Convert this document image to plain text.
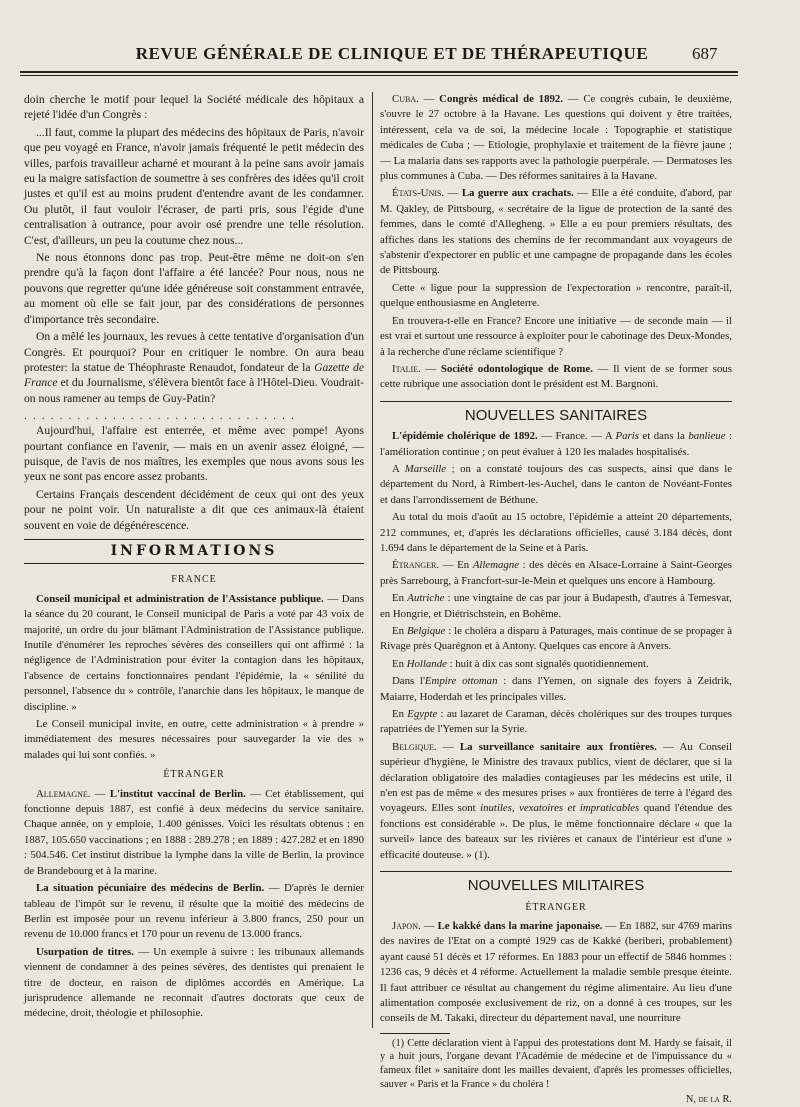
REVUE GÉNÉRALE DE CLINIQUE ET DE THÉRAPEUTIQUE	687

doin cherche le motif pour lequel la Société médicale des hôpitaux a rejeté l'idée d'un Congrès :

...Il faut, comme la plupart des médecins des hôpitaux de Paris, n'avoir que peu voyagé en France, n'avoir jamais fréquenté le petit médecin des villes, parfois travailleur acharné et mourant à la peine sans avoir jamais eu la maigre satisfaction de soumettre à ses confrères des idées qu'il croit justes et qu'il est au moins prudent d'entendre avant de les condamner. Ou plutôt, il faut vouloir l'écraser, de parti pris, sous l'égide d'une centralisation à outrance, pour avoir osé prendre une telle résolution. C'est, d'ailleurs, un peu la coutume chez nous...

Ne nous étonnons donc pas trop. Peut-être même ne doit-on s'en prendre qu'à la façon dont l'affaire a été lancée? Pour nous, nous ne pouvons que regretter qu'une idée généreuse soit constamment entravée, au moment où elle se fait jour, par des considérations de personnes d'importance très secondaire.

On a mêlé les journaux, les revues à cette tentative d'organisation d'un Congrès. Et pourquoi? Pour en critiquer le nombre. On aura beau protester: la statue de Théophraste Renaudot, fondateur de la Gazette de France et du Journalisme, s'élèvera bientôt face à l'Hôtel-Dieu. Voudrait-on nous ramener au temps de Guy-Patin?

...............................

Aujourd'hui, l'affaire est enterrée, et même avec pompe! Ayons pourtant confiance en l'avenir, — mais en un avenir assez éloigné, — puisque, de l'avis de nos maîtres, les exemples que nous avons sous les yeux ne sont pas encore assez probants.

Certains Français descendent décidément de ceux qui ont des yeux pour ne point voir. Un naturaliste a dit que ces animaux-là étaient souvent en voie de dégénérescence.

INFORMATIONS
FRANCE

Conseil municipal et administration de l'Assistance publique. — Dans la séance du 20 courant, le Conseil municipal de Paris a voté par 43 voix de majorité, un ordre du jour blâmant l'Administration de l'Assistance publique. Inutile d'énumérer les reproches sévères des conseillers qui ont affirmé : la négligence de l'Administration pour éviter la contagion dans les hôpitaux, l'absence de certains fonctionnaires pendant l'épidémie, la « sénilité du personnel, l'absence du » contrôle, l'anarchie dans les hôpitaux, le manque de discipline. »

Le Conseil municipal invite, en outre, cette administration « à prendre » immédiatement des mesures nécessaires pour sauvegarder la vie des » malades qui lui sont confiés. »

ÉTRANGER

Allemagne. — L'institut vaccinal de Berlin. — Cet établissement, qui fonctionne depuis 1887, est confié à deux médecins du service sanitaire. Chaque année, on y emploie, 1.400 génisses. Voici les résultats obtenus : en 1887, 105.650 vaccinations ; en 1888 : 289.278 ; en 1889 : 427.282 et en 1890 : 504.546. Cet institut distribue la lymphe dans la ville de Berlin, la province de Brandebourg et à la marine.

La situation pécuniaire des médecins de Berlin. — D'après le dernier tableau de l'impôt sur le revenu, il résulte que la moitié des médecins de Berlin est imposée pour un revenu inférieur à 3.800 francs, 250 pour un revenu de 10.000 francs et 170 pour un revenu de 13.000 francs.

Usurpation de titres. — Un exemple à suivre : les tribunaux allemands viennent de condamner à des peines sévères, des dentistes qui prenaient le titre de docteur, en raison de diplômes accordés en Amérique. La jurisprudence allemande ne reconnait d'autres doctorats que ceux de médecine, droit, théologie et philosophie.

Cuba. — Congrès médical de 1892. — Ce congrès cubain, le deuxième, s'ouvre le 27 octobre à la Havane. Les questions qui doivent y être traitées, intéressent, cela va de soi, la médecine locale : Topographie et statistique médicales de Cuba ; — Etiologie, prophylaxie et traitement de la fièvre jaune ; — La malaria dans ses rapports avec la pathologie puerpérale. — Dermatoses les plus communes à Cuba. — Des réformes sanitaires à la Havane.

États-Unis. — La guerre aux crachats. — Elle a été conduite, d'abord, par M. Qakley, de Pittsbourg, « secrétaire de la ligue de protection de la santé des femmes, dans le comté d'Allegheng. » Elle a eu pour premiers résultats, des affiches dans les stations des chemins de fer recommandant aux voyageurs de s'abstenir d'expectorer en public et une campagne de propagande dans les écoles de Pittsbourg.

Cette « ligue pour la suppression de l'expectoration » rencontre, paraît-il, quelque enthousiasme en Angleterre.

En trouvera-t-elle en France? Encore une initiative — de seconde main — il est vrai et surtout une ressource à exploiter pour le cabotinage des Deux-Mondes, à la recherche d'une réclame scientifique ?

Italie. — Société odontologique de Rome. — Il vient de se former sous cette rubrique une association dont le président est M. Bargnoni.

NOUVELLES SANITAIRES

L'épidémie cholérique de 1892. — France. — A Paris et dans la banlieue : l'amélioration continue ; on peut évaluer à 120 les malades hospitalisés.

A Marseille ; on a constaté toujours des cas suspects, ainsi que dans le département du Nord, à Rimbert-les-Auchel, dans le canton de Novéant-Fontes et dans l'arrondissement de Béthune.

Au total du mois d'août au 15 octobre, l'épidémie a atteint 20 départements, 212 communes, et, d'après les déclarations officielles, causé 3.184 décès, dont 1.694 dans le département de la Seine et à Paris.

Étranger. — En Allemagne : des décès en Alsace-Lorraine à Saint-Georges près Sarrebourg, à Francfort-sur-le-Mein et quelques uns encore à Hambourg.

En Autriche : une vingtaine de cas par jour à Budapesth, d'autres à Temesvar, en Hongrie, et Diétrischstein, en Bohême.

En Belgique : le choléra a disparu à Paturages, mais continue de se propager à Rivage près Quarégnon et à Antony. Quelques cas encore à Anvers.

En Hollande : huit à dix cas sont signalés quotidiennement.

Dans l'Empire ottoman : dans l'Yemen, on signale des foyers à Zeidrik, Maiarre, Hoderdah et les principales villes.

En Egypte : au lazaret de Caraman, décès cholériques sur des troupes turques rapatriées de l'Yemen sur la Syrie.

Belgique. — La surveillance sanitaire aux frontières. — Au Conseil supérieur d'hygiène, le Ministre des travaux publics, vient de déclarer, que si la déclaration obligatoire des maladies contagieuses par les médecins est utile, il n'en est pas de même « des mesures prises » aux frontières de terre à l'égard des voyageurs. Elles sont inutiles, vexatoires et impraticables quand l'étendue des fonctions est considérable ». De plus, le même fonctionnaire déclare « que la surveil» lance des bateaux sur les rivières et canaux de l'intérieur est d'une » efficacité douteuse. » (1).

NOUVELLES MILITAIRES
ÉTRANGER

Japon. — Le kakké dans la marine japonaise. — En 1882, sur 4769 marins des navires de l'Etat on a compté 1929 cas de Kakké (beriberi, probablement) ayant causé 51 décès et 17 réformes. En 1883 pour un effectif de 5846 hommes : 1236 cas, 9 décès et 4 réforme. Actuellement la maladie semble presque éteinte. Il faut attribuer ce résultat au changement du régime alimentaire. Au lieu d'une alimentation composée exclusivement de riz, on a donné à ces troupes, sur les conseils de M. Takaki, directeur du département naval, une nourriture

(1) Cette déclaration vient à l'appui des protestations dont M. Hardy se faisait, il y a huit jours, l'organe devant l'Académie de médecine et de l'impuissance du « fameux filet » sanitaire dont les mailles devaient, d'après les promesses officielles, sauver « Paris et la France » du choléra !

N, de la R.
